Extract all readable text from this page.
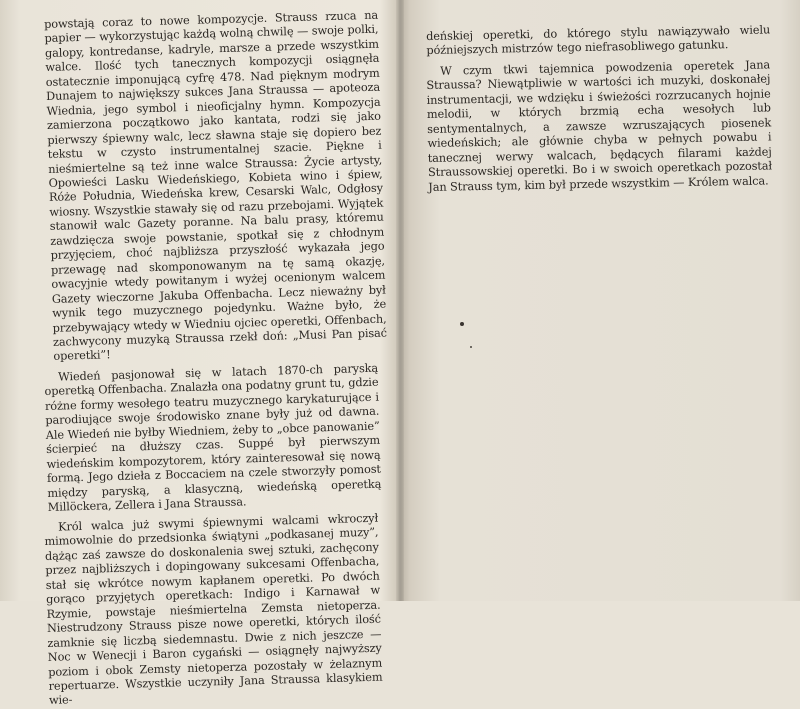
powstają coraz to nowe kompozycje. Strauss rzuca na papier — wykorzystując każdą wolną chwilę — swoje polki, galopy, kontredanse, kadryle, marsze a przede wszystkim walce. Ilość tych tanecznych kompozycji osiągnęła ostatecznie imponującą cyfrę 478. Nad pięknym modrym Dunajem to największy sukces Jana Straussa — apoteoza Wiednia, jego symbol i nieoficjalny hymn. Kompozycja zamierzona początkowo jako kantata, rodzi się jako pierwszy śpiewny walc, lecz sławna staje się dopiero bez tekstu w czysto instrumentalnej szacie. Piękne i nieśmiertelne są też inne walce Straussa: Życie artysty, Opowieści Lasku Wiedeńskiego, Kobieta wino i śpiew, Róże Południa, Wiedeńska krew, Cesarski Walc, Odgłosy wiosny. Wszystkie stawały się od razu przebojami. Wyjątek stanowił walc Gazety poranne. Na balu prasy, któremu zawdzięcza swoje powstanie, spotkał się z chłodnym przyjęciem, choć najbliższa przyszłość wykazała jego przewagę nad skomponowanym na tę samą okazję, owacyjnie wtedy powitanym i wyżej ocenionym walcem Gazety wieczorne Jakuba Offenbacha. Lecz nieważny był wynik tego muzycznego pojedynku. Ważne było, że przebywający wtedy w Wiedniu ojciec operetki, Offenbach, zachwycony muzyką Straussa rzekł doń: „Musi Pan pisać operetki”!

Wiedeń pasjonował się w latach 1870-ch paryską operetką Offenbacha. Znalazła ona podatny grunt tu, gdzie różne formy wesołego teatru muzycznego karykaturujące i parodiujące swoje środowisko znane były już od dawna. Ale Wiedeń nie byłby Wiedniem, żeby to „obce panowanie” ścierpieć na dłuższy czas. Suppé był pierwszym wiedeńskim kompozytorem, który zainteresował się nową formą. Jego dzieła z Boccaciem na czele stworzyły pomost między paryską, a klasyczną, wiedeńską operetką Millöckera, Zellera i Jana Straussa.

Król walca już swymi śpiewnymi walcami wkroczył mimowolnie do przedsionka świątyni „podkasanej muzy”, dążąc zaś zawsze do doskonalenia swej sztuki, zachęcony przez najbliższych i dopingowany sukcesami Offenbacha, stał się wkrótce nowym kapłanem operetki. Po dwóch gorąco przyjętych operetkach: Indigo i Karnawał w Rzymie, powstaje nieśmiertelna Zemsta nietoperza. Niestrudzony Strauss pisze nowe operetki, których ilość zamknie się liczbą siedemnastu. Dwie z nich jeszcze — Noc w Wenecji i Baron cygański — osiągnęły najwyższy poziom i obok Zemsty nietoperza pozostały w żelaznym repertuarze. Wszystkie uczyniły Jana Straussa klasykiem wie-

deńskiej operetki, do którego stylu nawiązywało wielu późniejszych mistrzów tego niefrasobliwego gatunku.

W czym tkwi tajemnica powodzenia operetek Jana Straussa? Niewątpliwie w wartości ich muzyki, doskonałej instrumentacji, we wdzięku i świeżości rozrzucanych hojnie melodii, w których brzmią echa wesołych lub sentymentalnych, a zawsze wzruszających piosenek wiedeńskich; ale głównie chyba w pełnych powabu i tanecznej werwy walcach, będących filarami każdej Straussowskiej operetki. Bo i w swoich operetkach pozostał Jan Strauss tym, kim był przede wszystkim — Królem walca.
